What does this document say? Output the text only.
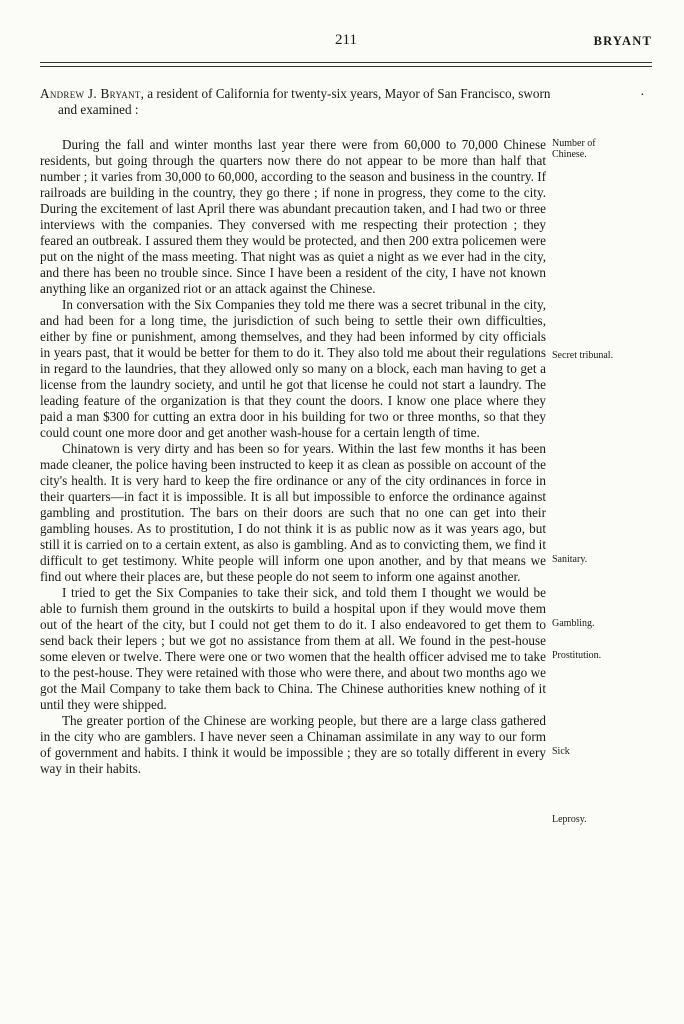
211	BRYANT
·
Andrew J. Bryant, a resident of California for twenty-six years, Mayor of San Francisco, sworn and examined :

During the fall and winter months last year there were from 60,000 to 70,000 Chinese residents, but going through the quarters now there do not appear to be more than half that number ; it varies from 30,000 to 60,000, according to the season and business in the country. If railroads are building in the country, they go there ; if none in progress, they come to the city. During the excitement of last April there was abundant precaution taken, and I had two or three interviews with the companies. They conversed with me respecting their protection ; they feared an outbreak. I assured them they would be protected, and then 200 extra policemen were put on the night of the mass meeting. That night was as quiet a night as we ever had in the city, and there has been no trouble since. Since I have been a resident of the city, I have not known anything like an organized riot or an attack against the Chinese.

In conversation with the Six Companies they told me there was a secret tribunal in the city, and had been for a long time, the jurisdiction of such being to settle their own difficulties, either by fine or punishment, among themselves, and they had been informed by city officials in years past, that it would be better for them to do it. They also told me about their regulations in regard to the laundries, that they allowed only so many on a block, each man having to get a license from the laundry society, and until he got that license he could not start a laundry. The leading feature of the organization is that they count the doors. I know one place where they paid a man $300 for cutting an extra door in his building for two or three months, so that they could count one more door and get another wash-house for a certain length of time.

Chinatown is very dirty and has been so for years. Within the last few months it has been made cleaner, the police having been instructed to keep it as clean as possible on account of the city's health. It is very hard to keep the fire ordinance or any of the city ordinances in force in their quarters—in fact it is impossible. It is all but impossible to enforce the ordinance against gambling and prostitution. The bars on their doors are such that no one can get into their gambling houses. As to prostitution, I do not think it is as public now as it was years ago, but still it is carried on to a certain extent, as also is gambling. And as to convicting them, we find it difficult to get testimony. White people will inform one upon another, and by that means we find out where their places are, but these people do not seem to inform one against another.

I tried to get the Six Companies to take their sick, and told them I thought we would be able to furnish them ground in the outskirts to build a hospital upon if they would move them out of the heart of the city, but I could not get them to do it. I also endeavored to get them to send back their lepers ; but we got no assistance from them at all. We found in the pest-house some eleven or twelve. There were one or two women that the health officer advised me to take to the pest-house. They were retained with those who were there, and about two months ago we got the Mail Company to take them back to China. The Chinese authorities knew nothing of it until they were shipped.

The greater portion of the Chinese are working people, but there are a large class gathered in the city who are gamblers. I have never seen a Chinaman assimilate in any way to our form of government and habits. I think it would be impossible ; they are so totally different in every way in their habits.

Number of Chinese.
Secret tribunal.
Sanitary.
Gambling.
Prostitution.
Sick
Leprosy.
